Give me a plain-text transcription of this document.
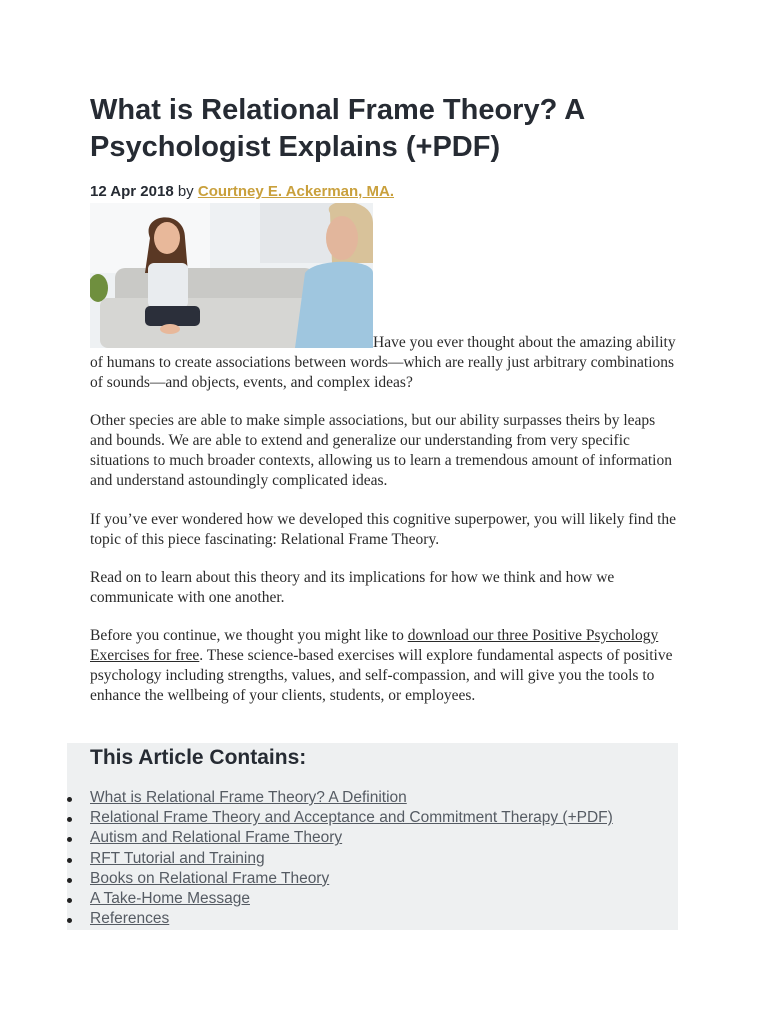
What is Relational Frame Theory? A Psychologist Explains (+PDF)
12 Apr 2018 by Courtney E. Ackerman, MA.

Have you ever thought about the amazing ability of humans to create associations between words—which are really just arbitrary combinations of sounds—and objects, events, and complex ideas?

Other species are able to make simple associations, but our ability surpasses theirs by leaps and bounds. We are able to extend and generalize our understanding from very specific situations to much broader contexts, allowing us to learn a tremendous amount of information and understand astoundingly complicated ideas.

If you’ve ever wondered how we developed this cognitive superpower, you will likely find the topic of this piece fascinating: Relational Frame Theory.

Read on to learn about this theory and its implications for how we think and how we communicate with one another.

Before you continue, we thought you might like to download our three Positive Psychology Exercises for free. These science-based exercises will explore fundamental aspects of positive psychology including strengths, values, and self-compassion, and will give you the tools to enhance the wellbeing of your clients, students, or employees.

This Article Contains:
What is Relational Frame Theory? A Definition
Relational Frame Theory and Acceptance and Commitment Therapy (+PDF)
Autism and Relational Frame Theory
RFT Tutorial and Training
Books on Relational Frame Theory
A Take-Home Message
References
